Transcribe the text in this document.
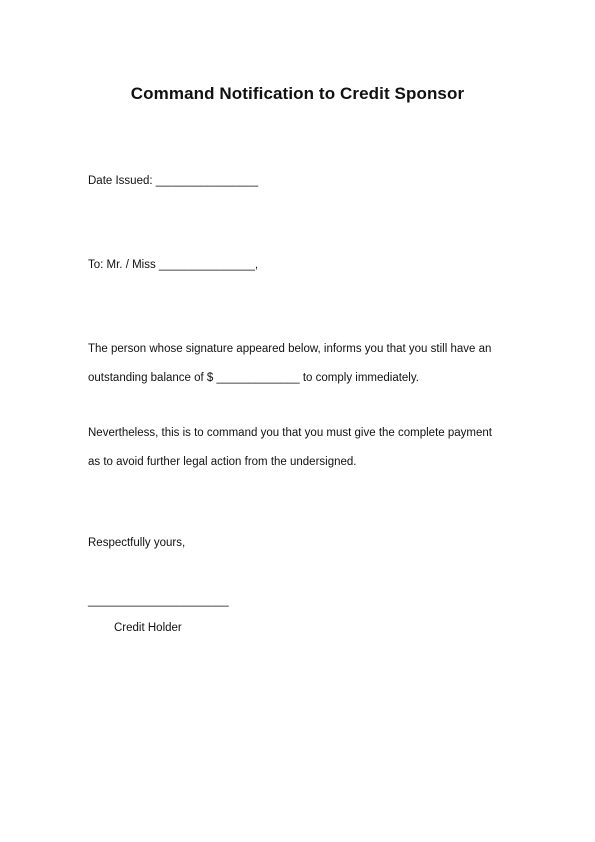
Command Notification to Credit Sponsor
Date Issued: ________________
To: Mr. / Miss _______________,
The person whose signature appeared below, informs you that you still have an
outstanding balance of $ _____________ to comply immediately.
Nevertheless, this is to command you that you must give the complete payment
as to avoid further legal action from the undersigned.
Respectfully yours,
______________________
Credit Holder
